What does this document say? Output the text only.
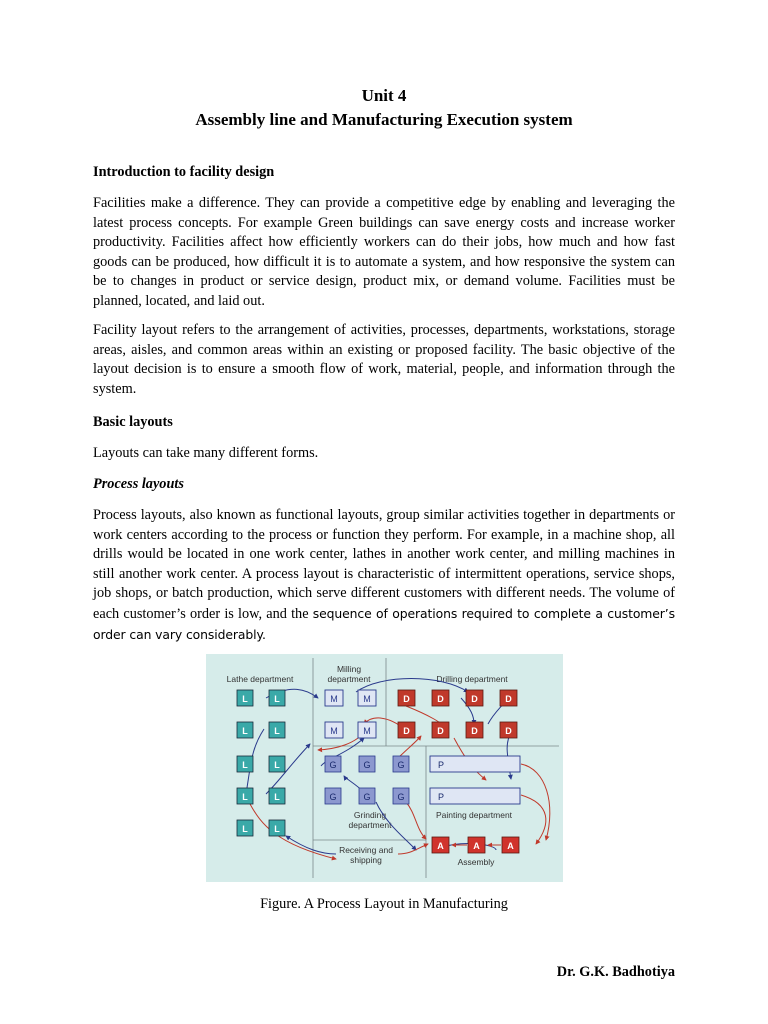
Unit 4
Assembly line and Manufacturing Execution system
Introduction to facility design
Facilities make a difference. They can provide a competitive edge by enabling and leveraging the latest process concepts. For example Green buildings can save energy costs and increase worker productivity. Facilities affect how efficiently workers can do their jobs, how much and how fast goods can be produced, how difficult it is to automate a system, and how responsive the system can be to changes in product or service design, product mix, or demand volume. Facilities must be planned, located, and laid out.
Facility layout refers to the arrangement of activities, processes, departments, workstations, storage areas, aisles, and common areas within an existing or proposed facility. The basic objective of the layout decision is to ensure a smooth flow of work, material, people, and information through the system.
Basic layouts
Layouts can take many different forms.
Process layouts
Process layouts, also known as functional layouts, group similar activities together in departments or work centers according to the process or function they perform. For example, in a machine shop, all drills would be located in one work center, lathes in another work center, and milling machines in still another work center. A process layout is characteristic of intermittent operations, service shops, job shops, or batch production, which serve different customers with different needs. The volume of each customer’s order is low, and the sequence of operations required to complete a customer’s order can vary considerably.
Lathe department
Milling
department	Drilling department
Grinding
department
Painting department
Receiving and
shipping	Assembly
L	L
L	L
L	L
L	L
L	L
M	M
M	M
D	D	D	D
D	D	D	D
G	G	G
G	G	G
P
P
A	A	A
Figure. A Process Layout in Manufacturing
Dr. G.K. Badhotiya
